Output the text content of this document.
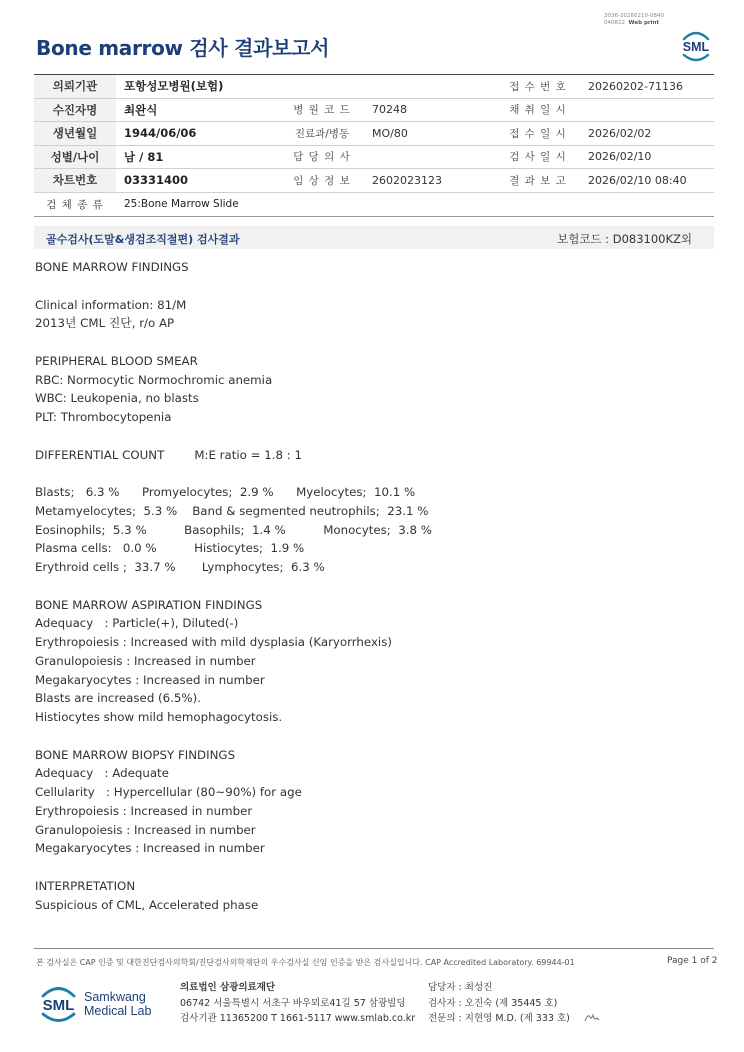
3036-20260210-0840
040822 Web print
Bone marrow 검사 결과보고서	SML
의뢰기관	포항성모병원(보험)			접 수 번 호	20260202-71136
수진자명	최완식	병 원 코 드	70248	채 취 일 시	
생년월일	1944/06/06	진료과/병동	MO/80	접 수 일 시	2026/02/02
성별/나이	남 / 81	담 당 의 사		검 사 일 시	2026/02/10
차트번호	03331400	임 상 정 보	2602023123	결 과 보 고	2026/02/10 08:40
검 체 종 류	25:Bone Marrow Slide				
골수검사(도말&생검조직절편) 검사결과	보험코드 : D083100KZ외
BONE MARROW FINDINGS
Clinical information: 81/M
2013년 CML 진단, r/o AP
PERIPHERAL BLOOD SMEAR
RBC: Normocytic Normochromic anemia
WBC: Leukopenia, no blasts
PLT: Thrombocytopenia
DIFFERENTIAL COUNT        M:E ratio = 1.8 : 1
Blasts;   6.3 %      Promyelocytes;  2.9 %      Myelocytes;  10.1 %
Metamyelocytes;  5.3 %    Band & segmented neutrophils;  23.1 %
Eosinophils;  5.3 %          Basophils;  1.4 %          Monocytes;  3.8 %
Plasma cells:   0.0 %          Histiocytes;  1.9 %
Erythroid cells ;  33.7 %       Lymphocytes;  6.3 %
BONE MARROW ASPIRATION FINDINGS
Adequacy   : Particle(+), Diluted(-)
Erythropoiesis : Increased with mild dysplasia (Karyorrhexis)
Granulopoiesis : Increased in number
Megakaryocytes : Increased in number
Blasts are increased (6.5%).
Histiocytes show mild hemophagocytosis.
BONE MARROW BIOPSY FINDINGS
Adequacy   : Adequate
Cellularity   : Hypercellular (80~90%) for age
Erythropoiesis : Increased in number
Granulopoiesis : Increased in number
Megakaryocytes : Increased in number
INTERPRETATION
Suspicious of CML, Accelerated phase
본 검사실은 CAP 인증 및 대한진단검사의학회/진단검사의학재단의 우수검사실 신임 인증을 받은 검사실입니다. CAP Accredited Laboratory. 69944-01	Page 1 of 2
SML Samkwang
Medical Lab
의료법인 삼광의료재단
06742 서울특별시 서초구 바우뫼로41길 57 삼광빌딩
검사기관 11365200 T 1661-5117 www.smlab.co.kr
담당자 : 최성진
검사자 : 오진숙 (제 35445 호)
전문의 : 지현영 M.D. (제 333 호)
